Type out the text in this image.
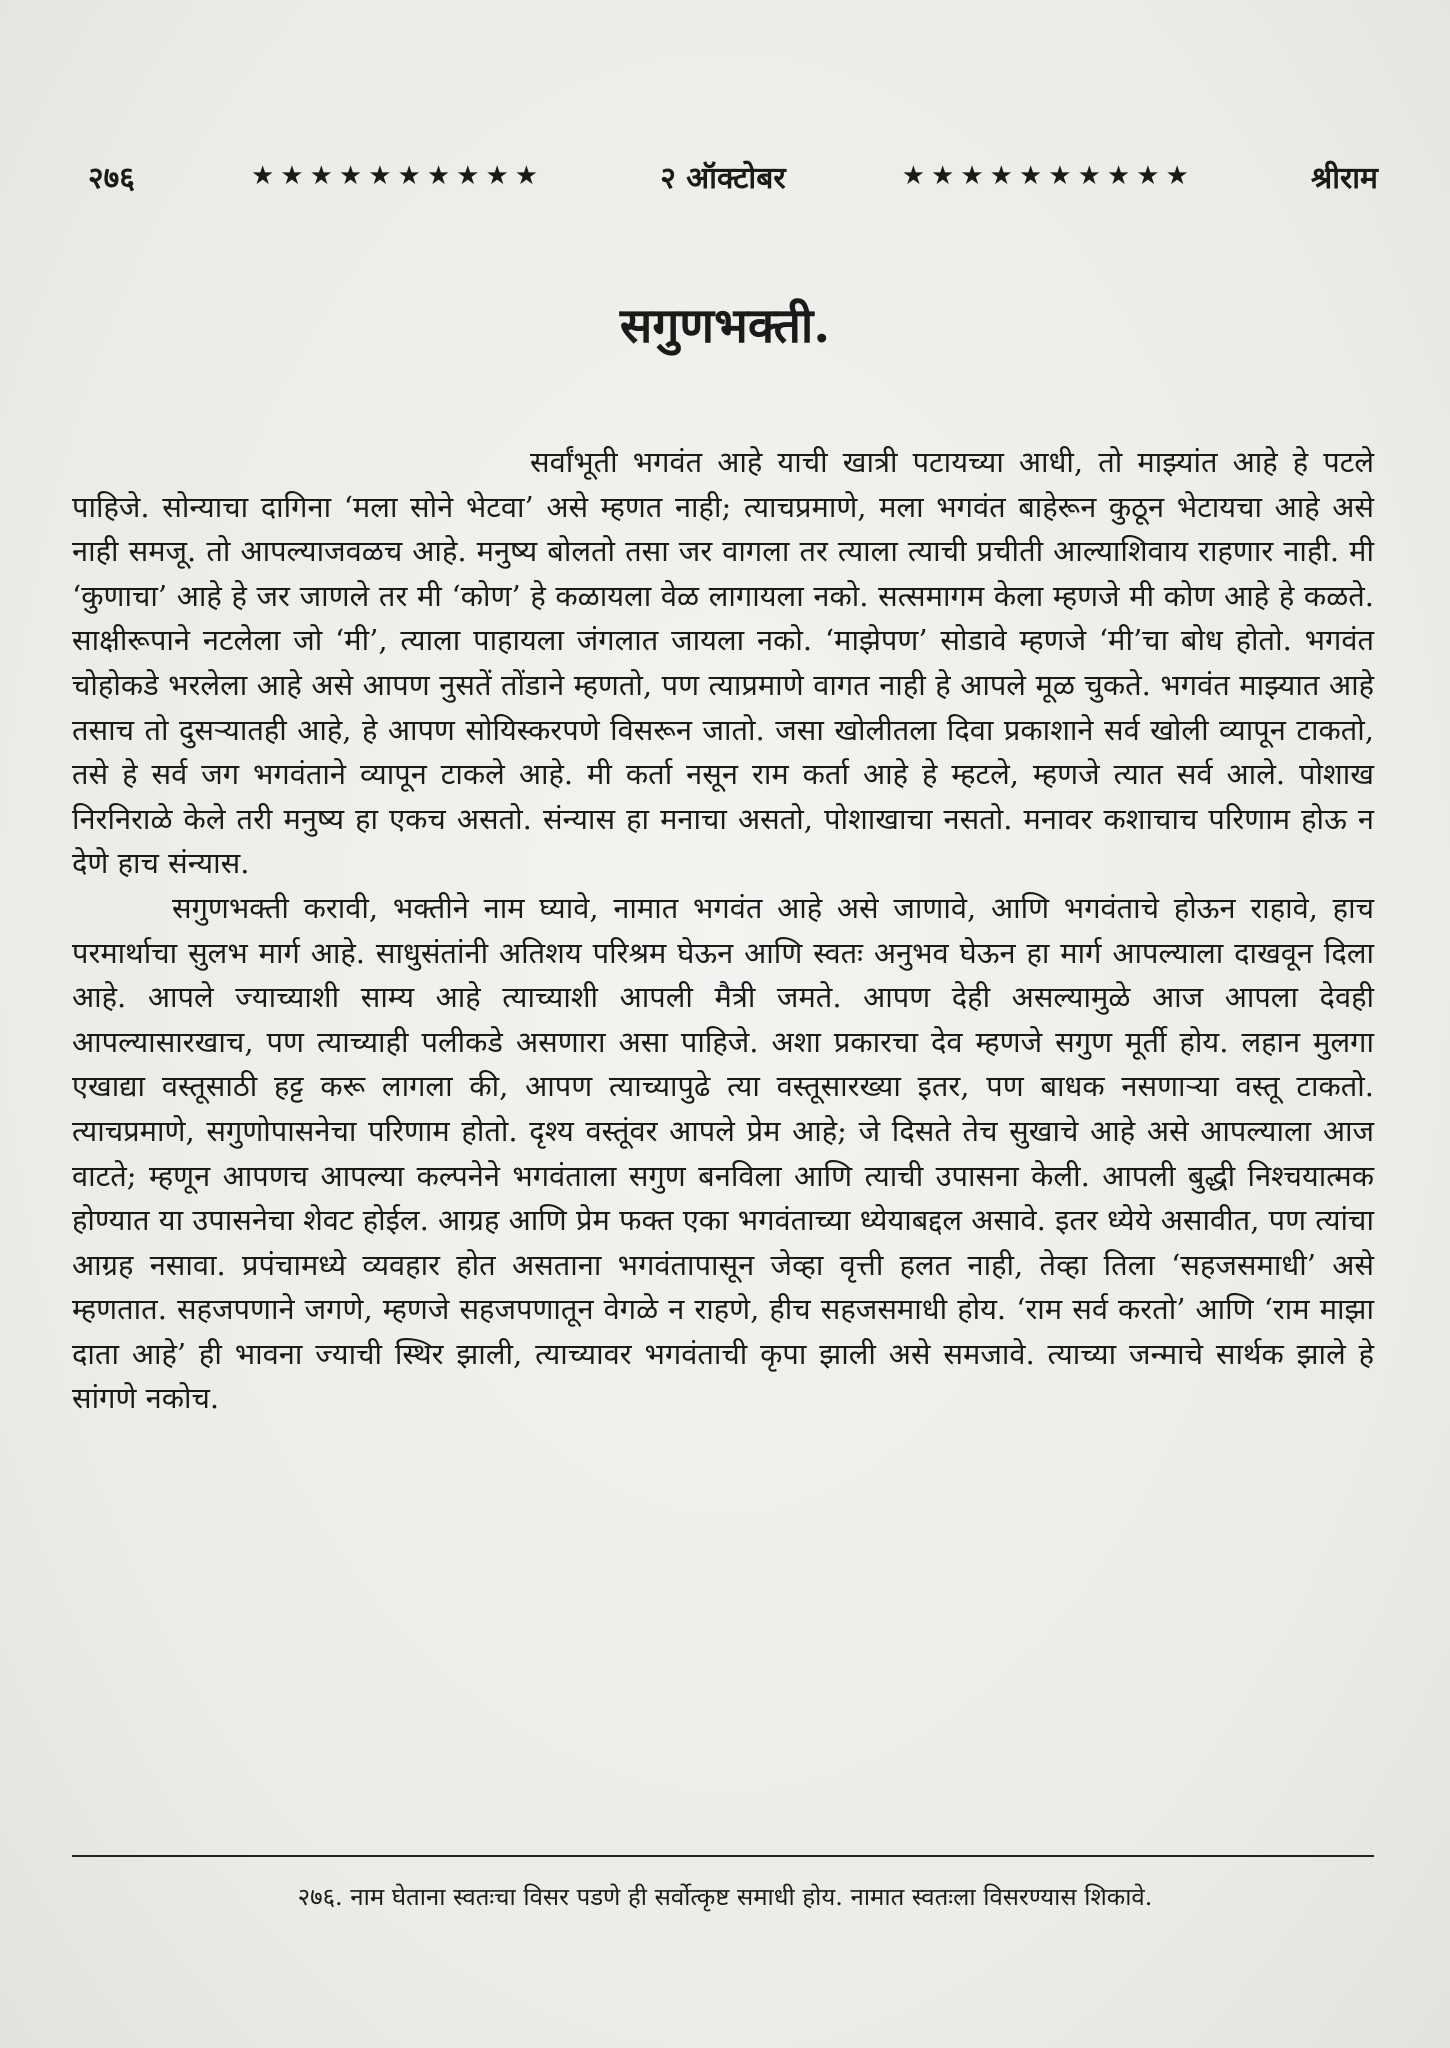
२७६	★★★★★★★★★★	२ ऑक्टोबर	★★★★★★★★★★	श्रीराम
सगुणभक्ती.

सर्वांभूती भगवंत आहे याची खात्री पटायच्या आधी, तो माझ्यांत आहे हे पटले पाहिजे. सोन्याचा दागिना ‘मला सोने भेटवा’ असे म्हणत नाही; त्याचप्रमाणे, मला भगवंत बाहेरून कुठून भेटायचा आहे असे नाही समजू. तो आपल्याजवळच आहे. मनुष्य बोलतो तसा जर वागला तर त्याला त्याची प्रचीती आल्याशिवाय राहणार नाही. मी ‘कुणाचा’ आहे हे जर जाणले तर मी ‘कोण’ हे कळायला वेळ लागायला नको. सत्समागम केला म्हणजे मी कोण आहे हे कळते. साक्षीरूपाने नटलेला जो ‘मी’, त्याला पाहायला जंगलात जायला नको. ‘माझेपण’ सोडावे म्हणजे ‘मी’चा बोध होतो. भगवंत चोहोकडे भरलेला आहे असे आपण नुसतें तोंडाने म्हणतो, पण त्याप्रमाणे वागत नाही हे आपले मूळ चुकते. भगवंत माझ्यात आहे तसाच तो दुसऱ्यातही आहे, हे आपण सोयिस्करपणे विसरून जातो. जसा खोलीतला दिवा प्रकाशाने सर्व खोली व्यापून टाकतो, तसे हे सर्व जग भगवंताने व्यापून टाकले आहे. मी कर्ता नसून राम कर्ता आहे हे म्हटले, म्हणजे त्यात सर्व आले. पोशाख निरनिराळे केले तरी मनुष्य हा एकच असतो. संन्यास हा मनाचा असतो, पोशाखाचा नसतो. मनावर कशाचाच परिणाम होऊ न देणे हाच संन्यास.

सगुणभक्ती करावी, भक्तीने नाम घ्यावे, नामात भगवंत आहे असे जाणावे, आणि भगवंताचे होऊन राहावे, हाच परमार्थाचा सुलभ मार्ग आहे. साधुसंतांनी अतिशय परिश्रम घेऊन आणि स्वतः अनुभव घेऊन हा मार्ग आपल्याला दाखवून दिला आहे. आपले ज्याच्याशी साम्य आहे त्याच्याशी आपली मैत्री जमते. आपण देही असल्यामुळे आज आपला देवही आपल्यासारखाच, पण त्याच्याही पलीकडे असणारा असा पाहिजे. अशा प्रकारचा देव म्हणजे सगुण मूर्ती होय. लहान मुलगा एखाद्या वस्तूसाठी हट्ट करू लागला की, आपण त्याच्यापुढे त्या वस्तूसारख्या इतर, पण बाधक नसणाऱ्या वस्तू टाकतो. त्याचप्रमाणे, सगुणोपासनेचा परिणाम होतो. दृश्य वस्तूंवर आपले प्रेम आहे; जे दिसते तेच सुखाचे आहे असे आपल्याला आज वाटते; म्हणून आपणच आपल्या कल्पनेने भगवंताला सगुण बनविला आणि त्याची उपासना केली. आपली बुद्धी निश्चयात्मक होण्यात या उपासनेचा शेवट होईल. आग्रह आणि प्रेम फक्त एका भगवंताच्या ध्येयाबद्दल असावे. इतर ध्येये असावीत, पण त्यांचा आग्रह नसावा. प्रपंचामध्ये व्यवहार होत असताना भगवंतापासून जेव्हा वृत्ती हलत नाही, तेव्हा तिला ‘सहजसमाधी’ असे म्हणतात. सहजपणाने जगणे, म्हणजे सहजपणातून वेगळे न राहणे, हीच सहजसमाधी होय. ‘राम सर्व करतो’ आणि ‘राम माझा दाता आहे’ ही भावना ज्याची स्थिर झाली, त्याच्यावर भगवंताची कृपा झाली असे समजावे. त्याच्या जन्माचे सार्थक झाले हे सांगणे नकोच.

२७६. नाम घेताना स्वतःचा विसर पडणे ही सर्वोत्कृष्ट समाधी होय. नामात स्वतःला विसरण्यास शिकावे.
